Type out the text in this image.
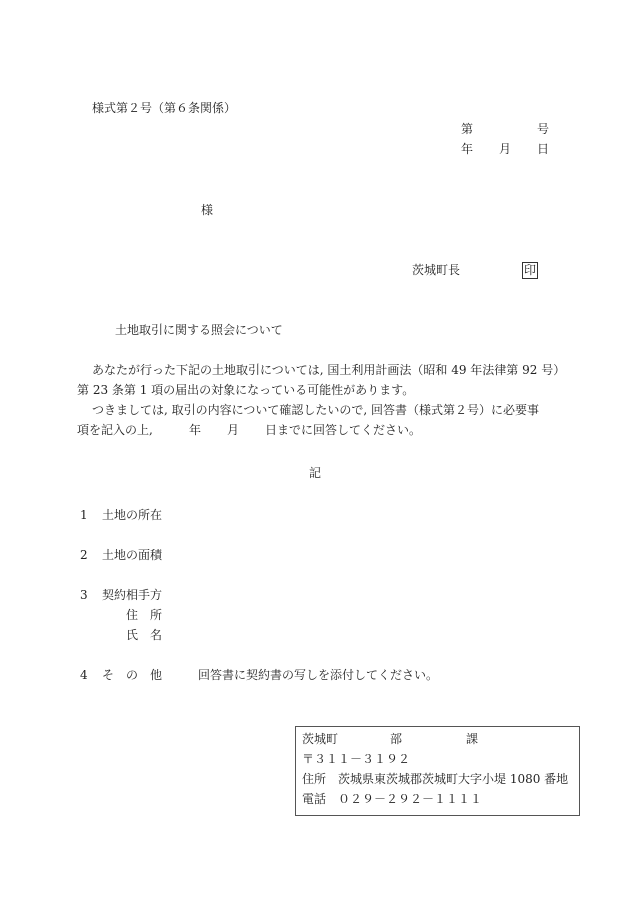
様式第２号（第６条関係）
第	号
年 月 日
様
茨城町長	印
土地取引に関する照会について
あなたが行った下記の土地取引については, 国土利用計画法（昭和 49 年法律第 92 号）
第 23 条第 1 項の届出の対象になっている可能性があります。
つきましては, 取引の内容について確認したいので, 回答書（様式第２号）に必要事
項を記入の上,	年 月 日までに回答してください。
記
1 土地の所在
2 土地の面積
3 契約相手方
住　所
氏　名
4 そ　の　他	回答書に契約書の写しを添付してください。
茨城町	部	課
〒３１１－３１９２
住所 茨城県東茨城郡茨城町大字小堤 1080 番地
電話 ０２９－２９２－１１１１
